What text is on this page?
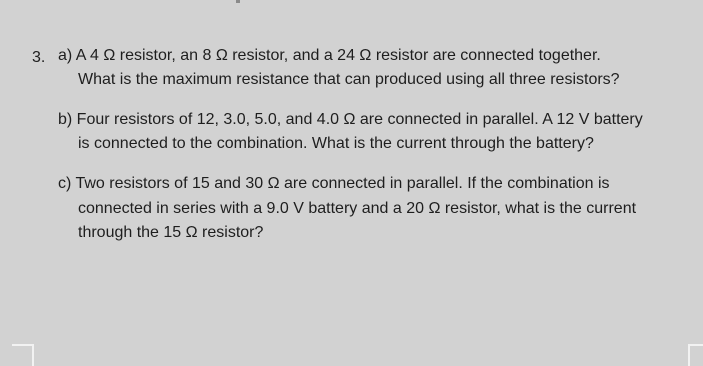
3. a) A 4 Ω resistor, an 8 Ω resistor, and a 24 Ω resistor are connected together.
What is the maximum resistance that can produced using all three resistors?
b) Four resistors of 12, 3.0, 5.0, and 4.0 Ω are connected in parallel. A 12 V battery
is connected to the combination. What is the current through the battery?
c) Two resistors of 15 and 30 Ω are connected in parallel. If the combination is
connected in series with a 9.0 V battery and a 20 Ω resistor, what is the current
through the 15 Ω resistor?
